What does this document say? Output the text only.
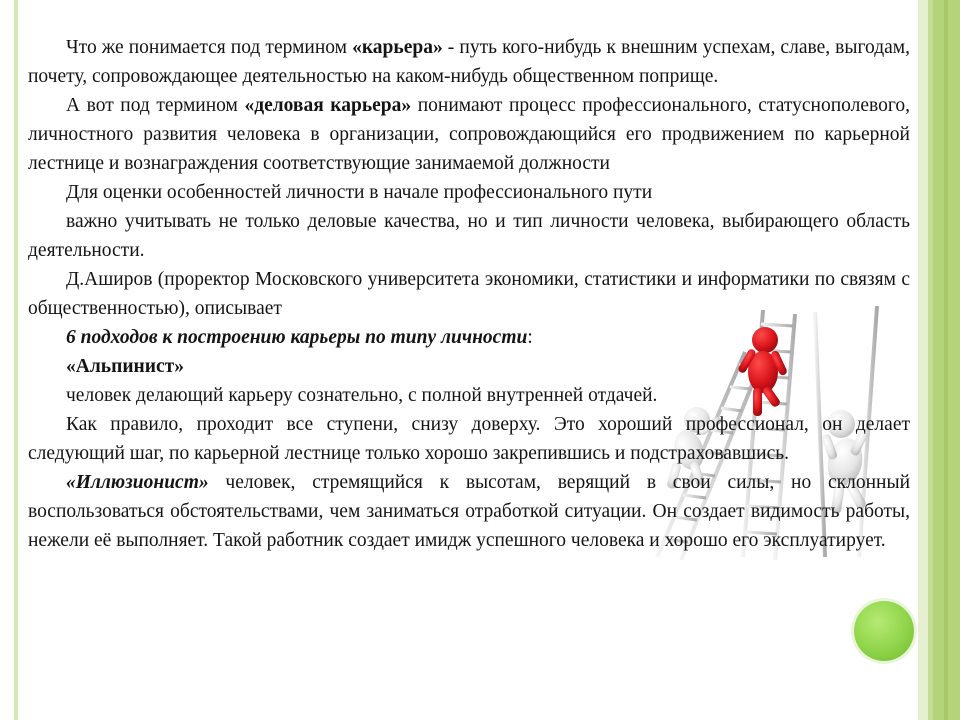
Что же понимается под термином «карьера» - путь кого-нибудь к внешним успехам, славе, выгодам, почету, сопровождающее деятельностью на каком-нибудь общественном поприще.

А вот под термином «деловая карьера» понимают процесс профессионального, статуснополевого, личностного развития человека в организации, сопровождающийся его продвижением по карьерной лестнице и вознаграждения соответствующие занимаемой должности

Для оценки особенностей личности в начале профессионального пути

важно учитывать не только деловые качества, но и тип личности человека, выбирающего область деятельности.

Д.Аширов (проректор Московского университета экономики, статистики и информатики по связям с общественностью), описывает

6 подходов к построению карьеры по типу личности:

«Альпинист»

человек делающий карьеру сознательно, с полной внутренней отдачей.

Как правило, проходит все ступени, снизу доверху. Это хороший профессионал, он делает следующий шаг, по карьерной лестнице только хорошо закрепившись и подстраховавшись.

«Иллюзионист» человек, стремящийся к высотам, верящий в свои силы, но склонный воспользоваться обстоятельствами, чем заниматься отработкой ситуации. Он создает видимость работы, нежели её выполняет. Такой работник создает имидж успешного человека и хорошо его эксплуатирует.
